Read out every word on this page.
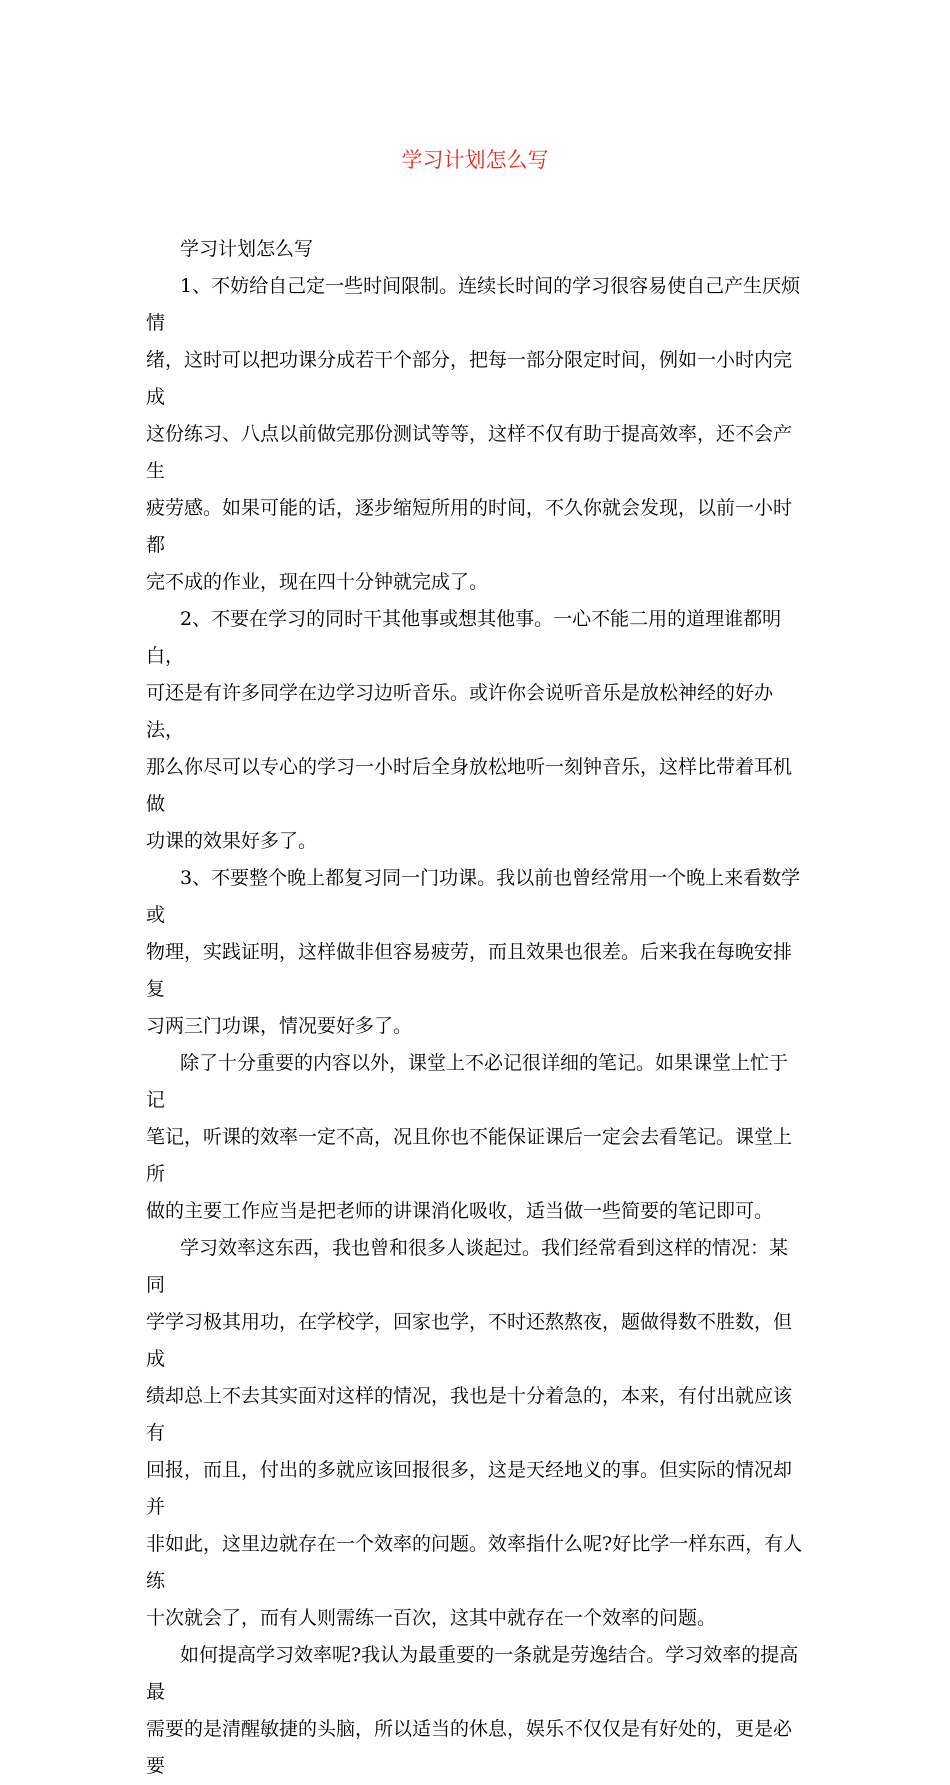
学习计划怎么写

学习计划怎么写

1、不妨给自己定一些时间限制。连续长时间的学习很容易使自己产生厌烦情
绪，这时可以把功课分成若干个部分，把每一部分限定时间，例如一小时内完成
这份练习、八点以前做完那份测试等等，这样不仅有助于提高效率，还不会产生
疲劳感。如果可能的话，逐步缩短所用的时间，不久你就会发现，以前一小时都
完不成的作业，现在四十分钟就完成了。

2、不要在学习的同时干其他事或想其他事。一心不能二用的道理谁都明白，
可还是有许多同学在边学习边听音乐。或许你会说听音乐是放松神经的好办法，
那么你尽可以专心的学习一小时后全身放松地听一刻钟音乐，这样比带着耳机做
功课的效果好多了。

3、不要整个晚上都复习同一门功课。我以前也曾经常用一个晚上来看数学或
物理，实践证明，这样做非但容易疲劳，而且效果也很差。后来我在每晚安排复
习两三门功课，情况要好多了。

除了十分重要的内容以外，课堂上不必记很详细的笔记。如果课堂上忙于记
笔记，听课的效率一定不高，况且你也不能保证课后一定会去看笔记。课堂上所
做的主要工作应当是把老师的讲课消化吸收，适当做一些简要的笔记即可。

学习效率这东西，我也曾和很多人谈起过。我们经常看到这样的情况：某同
学学习极其用功，在学校学，回家也学，不时还熬熬夜，题做得数不胜数，但成
绩却总上不去其实面对这样的情况，我也是十分着急的，本来，有付出就应该有
回报，而且，付出的多就应该回报很多，这是天经地义的事。但实际的情况却并
非如此，这里边就存在一个效率的问题。效率指什么呢?好比学一样东西，有人练
十次就会了，而有人则需练一百次，这其中就存在一个效率的问题。

如何提高学习效率呢?我认为最重要的一条就是劳逸结合。学习效率的提高最
需要的是清醒敏捷的头脑，所以适当的休息，娱乐不仅仅是有好处的，更是必要
